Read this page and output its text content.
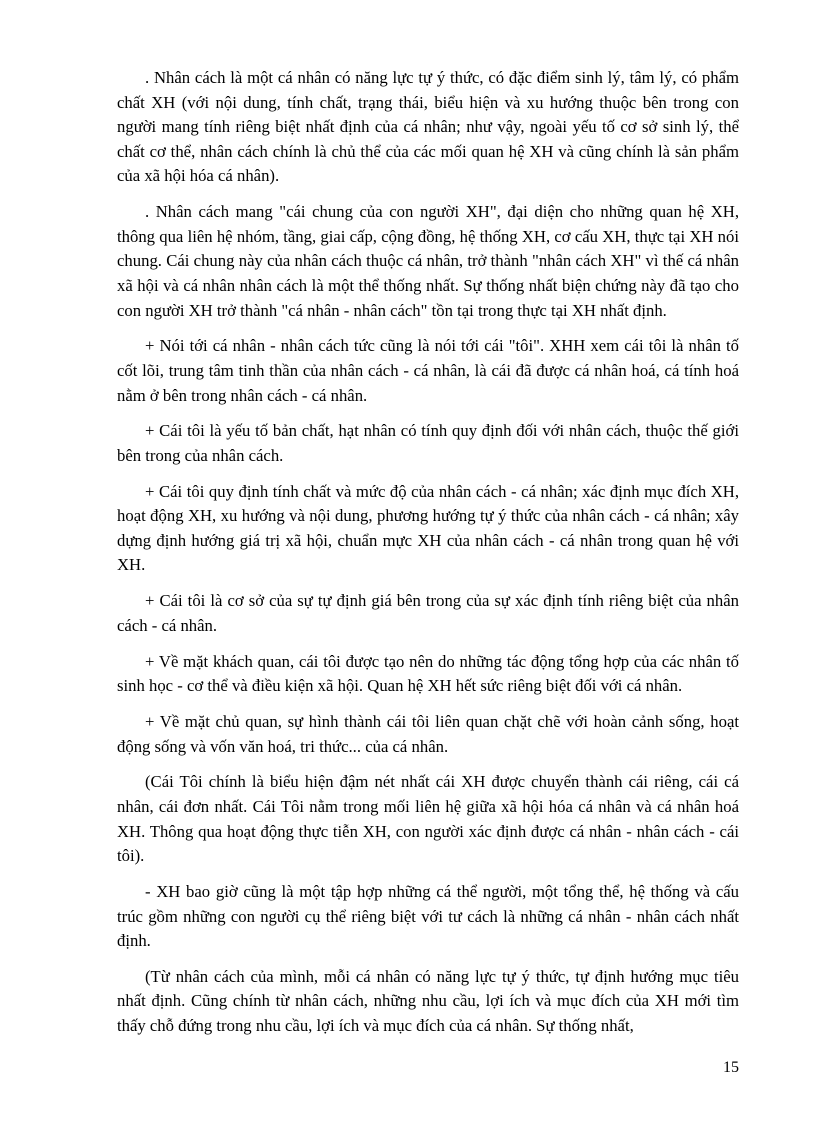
. Nhân cách là một cá nhân có năng lực tự ý thức, có đặc điểm sinh lý, tâm lý, có phẩm chất XH (với nội dung, tính chất, trạng thái, biểu hiện và xu hướng thuộc bên trong con người mang tính riêng biệt nhất định của cá nhân; như vậy, ngoài yếu tố cơ sở sinh lý, thể chất cơ thể, nhân cách chính là chủ thể của các mối quan hệ XH và cũng chính là sản phẩm của xã hội hóa cá nhân).

. Nhân cách mang "cái chung của con người XH", đại diện cho những quan hệ XH, thông qua liên hệ nhóm, tầng, giai cấp, cộng đồng, hệ thống XH, cơ cấu XH, thực tại XH nói chung. Cái chung này của nhân cách thuộc cá nhân, trở thành "nhân cách XH" vì thế cá nhân xã hội và cá nhân nhân cách là một thể thống nhất. Sự thống nhất biện chứng này đã tạo cho con người XH trở thành "cá nhân - nhân cách" tồn tại trong thực tại XH nhất định.

+ Nói tới cá nhân - nhân cách tức cũng là nói tới cái "tôi". XHH xem cái tôi là nhân tố cốt lõi, trung tâm tinh thần của nhân cách - cá nhân, là cái đã được cá nhân hoá, cá tính hoá nằm ở bên trong nhân cách - cá nhân.

+ Cái tôi là yếu tố bản chất, hạt nhân có tính quy định đối với nhân cách, thuộc thế giới bên trong của nhân cách.

+ Cái tôi quy định tính chất và mức độ của nhân cách - cá nhân; xác định mục đích XH, hoạt động XH, xu hướng và nội dung, phương hướng tự ý thức của nhân cách - cá nhân; xây dựng định hướng giá trị xã hội, chuẩn mực XH của nhân cách - cá nhân trong quan hệ với XH.

+ Cái tôi là cơ sở của sự tự định giá bên trong của sự xác định tính riêng biệt của nhân cách - cá nhân.

+ Về mặt khách quan, cái tôi được tạo nên do những tác động tổng hợp của các nhân tố sinh học - cơ thể và điều kiện xã hội. Quan hệ XH hết sức riêng biệt đối với cá nhân.

+ Về mặt chủ quan, sự hình thành cái tôi liên quan chặt chẽ với hoàn cảnh sống, hoạt động sống và vốn văn hoá, tri thức... của cá nhân.

(Cái Tôi chính là biểu hiện đậm nét nhất cái XH được chuyển thành cái riêng, cái cá nhân, cái đơn nhất. Cái Tôi nằm trong mối liên hệ giữa xã hội hóa cá nhân và cá nhân hoá XH. Thông qua hoạt động thực tiễn XH, con người xác định được cá nhân - nhân cách - cái tôi).

- XH bao giờ cũng là một tập hợp những cá thể người, một tổng thể, hệ thống và cấu trúc gồm những con người cụ thể riêng biệt với tư cách là những cá nhân - nhân cách nhất định.

(Từ nhân cách của mình, mỗi cá nhân có năng lực tự ý thức, tự định hướng mục tiêu nhất định. Cũng chính từ nhân cách, những nhu cầu, lợi ích và mục đích của XH mới tìm thấy chỗ đứng trong nhu cầu, lợi ích và mục đích của cá nhân. Sự thống nhất,

15
